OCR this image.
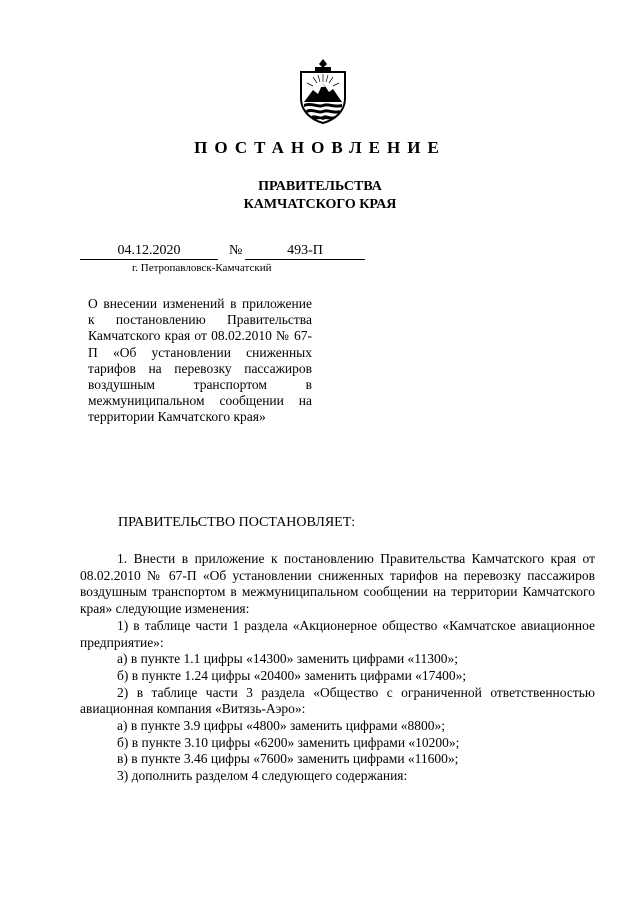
ПОСТАНОВЛЕНИЕ
ПРАВИТЕЛЬСТВА
КАМЧАТСКОГО КРАЯ
04.12.2020	№	493-П
г. Петропавловск-Камчатский
О внесении изменений в приложение к постановлению Правительства Камчатского края от 08.02.2010 № 67-П «Об установлении сниженных тарифов на перевозку пассажиров воздушным транспортом в межмуниципальном сообщении на территории Камчатского края»
ПРАВИТЕЛЬСТВО ПОСТАНОВЛЯЕТ:

1. Внести в приложение к постановлению Правительства Камчатского края от 08.02.2010 № 67-П «Об установлении сниженных тарифов на перевозку пассажиров воздушным транспортом в межмуниципальном сообщении на территории Камчатского края» следующие изменения:

1) в таблице части 1 раздела «Акционерное общество «Камчатское авиационное предприятие»:

а) в пункте 1.1 цифры «14300» заменить цифрами «11300»;

б) в пункте 1.24 цифры «20400» заменить цифрами «17400»;

2) в таблице части 3 раздела «Общество с ограниченной ответственностью авиационная компания «Витязь-Аэро»:

а) в пункте 3.9 цифры «4800» заменить цифрами «8800»;

б) в пункте 3.10 цифры «6200» заменить цифрами «10200»;

в) в пункте 3.46 цифры «7600» заменить цифрами «11600»;

3) дополнить разделом 4 следующего содержания:
